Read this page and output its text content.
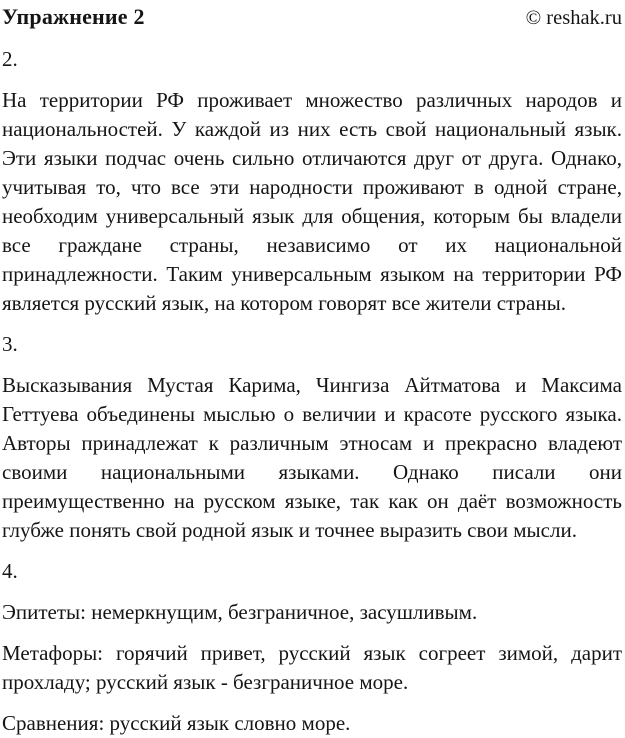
Упражнение 2	© reshak.ru
2.
На территории РФ проживает множество различных народов и
национальностей. У каждой из них есть свой национальный язык.
Эти языки подчас очень сильно отличаются друг от друга. Однако,
учитывая то, что все эти народности проживают в одной стране,
необходим универсальный язык для общения, которым бы владели
все граждане страны, независимо от их национальной
принадлежности. Таким универсальным языком на территории РФ
является русский язык, на котором говорят все жители страны.
3.
Высказывания Мустая Карима, Чингиза Айтматова и Максима
Геттуева объединены мыслью о величии и красоте русского языка.
Авторы принадлежат к различным этносам и прекрасно владеют
своими национальными языками. Однако писали они
преимущественно на русском языке, так как он даёт возможность
глубже понять свой родной язык и точнее выразить свои мысли.
4.
Эпитеты: немеркнущим, безграничное, засушливым.
Метафоры: горячий привет, русский язык согреет зимой, дарит
прохладу; русский язык - безграничное море.
Сравнения: русский язык словно море.
